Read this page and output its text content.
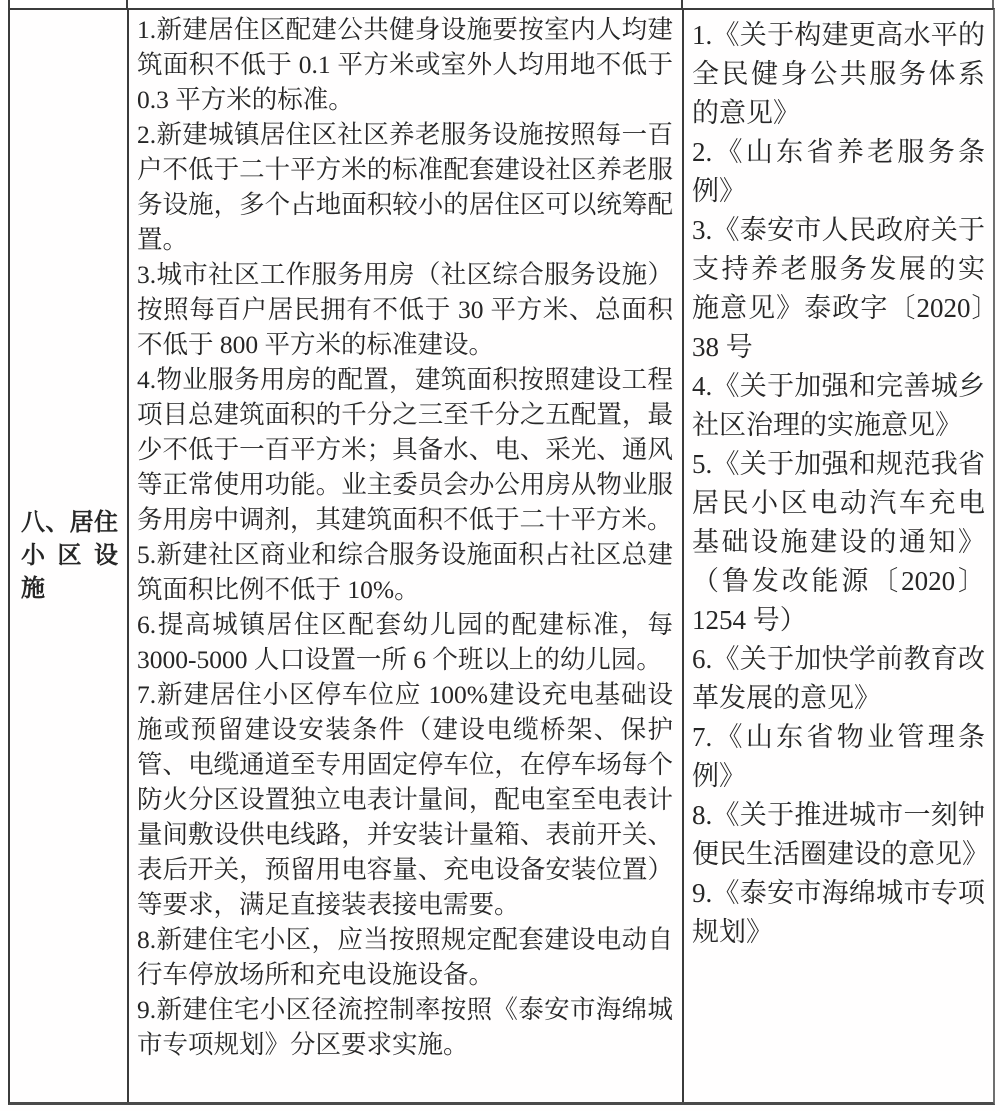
八、居住
小区设
施

1.新建居住区配建公共健身设施要按室内人均建筑面积不低于 0.1 平方米或室外人均用地不低于 0.3 平方米的标准。

2.新建城镇居住区社区养老服务设施按照每一百户不低于二十平方米的标准配套建设社区养老服务设施，多个占地面积较小的居住区可以统筹配置。

3.城市社区工作服务用房（社区综合服务设施）按照每百户居民拥有不低于 30 平方米、总面积不低于 800 平方米的标准建设。

4.物业服务用房的配置，建筑面积按照建设工程项目总建筑面积的千分之三至千分之五配置，最少不低于一百平方米；具备水、电、采光、通风等正常使用功能。业主委员会办公用房从物业服务用房中调剂，其建筑面积不低于二十平方米。

5.新建社区商业和综合服务设施面积占社区总建筑面积比例不低于 10%。

6.提高城镇居住区配套幼儿园的配建标准，每 3000-5000 人口设置一所 6 个班以上的幼儿园。

7.新建居住小区停车位应 100%建设充电基础设施或预留建设安装条件（建设电缆桥架、保护管、电缆通道至专用固定停车位，在停车场每个防火分区设置独立电表计量间，配电室至电表计量间敷设供电线路，并安装计量箱、表前开关、表后开关，预留用电容量、充电设备安装位置）等要求，满足直接装表接电需要。

8.新建住宅小区，应当按照规定配套建设电动自行车停放场所和充电设施设备。

9.新建住宅小区径流控制率按照《泰安市海绵城市专项规划》分区要求实施。

1.《关于构建更高水平的全民健身公共服务体系的意见》

2.《山东省养老服务条例》

3.《泰安市人民政府关于支持养老服务发展的实施意见》泰政字〔2020〕38 号

4.《关于加强和完善城乡社区治理的实施意见》

5.《关于加强和规范我省居民小区电动汽车充电基础设施建设的通知》（鲁发改能源〔2020〕1254 号）

6.《关于加快学前教育改革发展的意见》

7.《山东省物业管理条例》

8.《关于推进城市一刻钟便民生活圈建设的意见》

9.《泰安市海绵城市专项规划》
